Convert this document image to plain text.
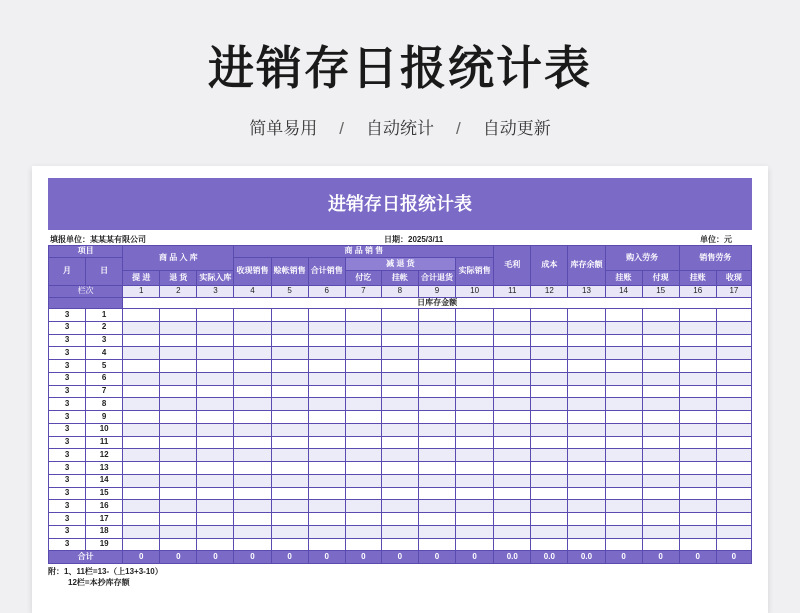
进销存日报统计表
简单易用 / 自动统计 / 自动更新
进销存日报统计表
填报单位：某某某有限公司	日期：2025/3/11	单位：元
项目		商 品 入 库			商 品 销 售							毛利	成本	库存余额	购入劳务		销售劳务	
月	日				收现销售	赊帐销售	合计销售	减 退 货			实际销售							
		提 进	退 货	实际入库				付讫	挂帐	合计退货					挂账	付现	挂账	收现
栏次		1	2	3	4	5	6	7	8	9	10	11	12	13	14	15	16	17
		日库存金额																
3	1																	
3	2																	
3	3																	
3	4																	
3	5																	
3	6																	
3	7																	
3	8																	
3	9																	
3	10																	
3	11																	
3	12																	
3	13																	
3	14																	
3	15																	
3	16																	
3	17																	
3	18																	
3	19																	
合计		0	0	0	0	0	0	0	0	0	0	0.0	0.0	0.0	0	0	0	0
附：1、11栏=13-（上13+3-10）
12栏=本抄库存额
